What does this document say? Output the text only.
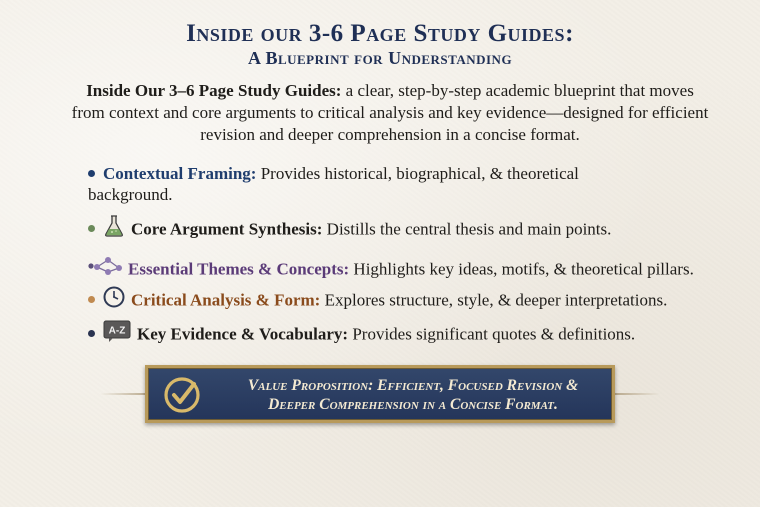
Inside our 3-6 Page Study Guides:
A Blueprint for Understanding
Inside Our 3–6 Page Study Guides: a clear, step-by-step academic blueprint that moves from context and core arguments to critical analysis and key evidence—designed for efficient revision and deeper comprehension in a concise format.
Contextual Framing: Provides historical, biographical, & theoretical background.
Core Argument Synthesis: Distills the central thesis and main points.
Essential Themes & Concepts: Highlights key ideas, motifs, & theoretical pillars.
Critical Analysis & Form: Explores structure, style, & deeper interpretations.
A-Z Key Evidence & Vocabulary: Provides significant quotes & definitions.
Value Proposition: Efficient, Focused Revision &
Deeper Comprehension in a Concise Format.
